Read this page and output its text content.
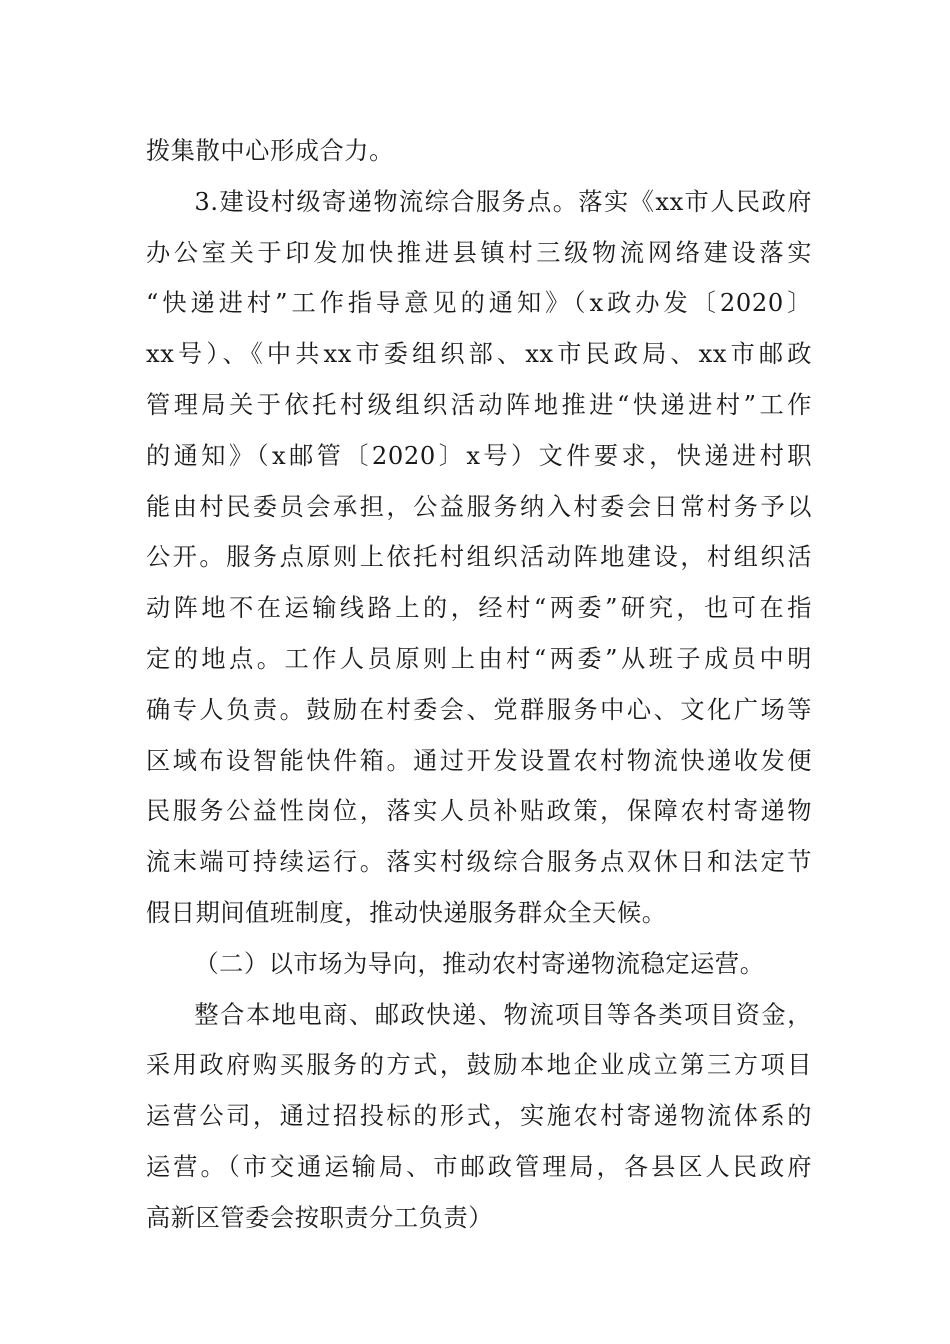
拨集散中心形成合力。

3.建设村级寄递物流综合服务点。落实《xx市人民政府
办公室关于印发加快推进县镇村三级物流网络建设落实
“快递进村”工作指导意见的通知》（x政办发〔2020〕
xx号）、《中共xx市委组织部、xx市民政局、xx市邮政
管理局关于依托村级组织活动阵地推进“快递进村”工作
的通知》（x邮管〔2020〕x号）文件要求，快递进村职
能由村民委员会承担，公益服务纳入村委会日常村务予以
公开。服务点原则上依托村组织活动阵地建设，村组织活
动阵地不在运输线路上的，经村“两委”研究，也可在指
定的地点。工作人员原则上由村“两委”从班子成员中明
确专人负责。鼓励在村委会、党群服务中心、文化广场等
区域布设智能快件箱。通过开发设置农村物流快递收发便
民服务公益性岗位，落实人员补贴政策，保障农村寄递物
流末端可持续运行。落实村级综合服务点双休日和法定节
假日期间值班制度，推动快递服务群众全天候。

（二）以市场为导向，推动农村寄递物流稳定运营。

整合本地电商、邮政快递、物流项目等各类项目资金，
采用政府购买服务的方式，鼓励本地企业成立第三方项目
运营公司，通过招投标的形式，实施农村寄递物流体系的
运营。（市交通运输局、市邮政管理局，各县区人民政府
高新区管委会按职责分工负责）
